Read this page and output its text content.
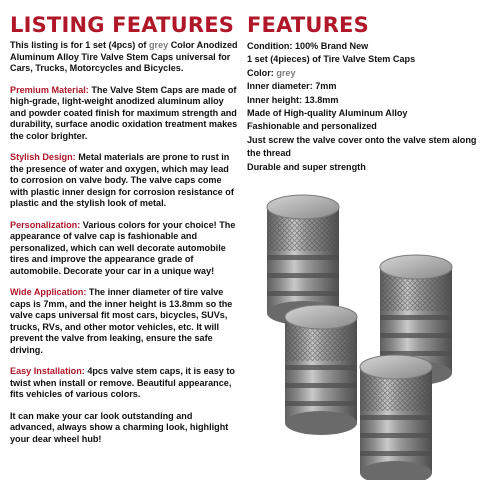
LISTING FEATURES
This listing is for 1 set (4pcs) of grey Color Anodized Aluminum Alloy Tire Valve Stem Caps universal for Cars, Trucks, Motorcycles and Bicycles.
Premium Material: The Valve Stem Caps are made of high-grade, light-weight anodized aluminum alloy and powder coated finish for maximum strength and durability, surface anodic oxidation treatment makes the color brighter.
Stylish Design: Metal materials are prone to rust in the presence of water and oxygen, which may lead to corrosion on valve body. The valve caps come with plastic inner design for corrosion resistance of plastic and the stylish look of metal.
Personalization: Various colors for your choice! The appearance of valve cap is fashionable and personalized, which can well decorate automobile tires and improve the appearance grade of automobile. Decorate your car in a unique way!
Wide Application: The inner diameter of tire valve caps is 7mm, and the inner height is 13.8mm so the valve caps universal fit most cars, bicycles, SUVs, trucks, RVs, and other motor vehicles, etc. It will prevent the valve from leaking, ensure the safe driving.
Easy Installation: 4pcs valve stem caps, it is easy to twist when install or remove. Beautiful appearance, fits vehicles of various colors.
It can make your car look outstanding and advanced, always show a charming look, highlight your dear wheel hub!
FEATURES
Condition: 100% Brand New
1 set (4pieces) of Tire Valve Stem Caps
Color: grey
Inner diameter: 7mm
Inner height: 13.8mm
Made of High-quality Aluminum Alloy
Fashionable and personalized
Just screw the valve cover onto the valve stem along the thread
Durable and super strength
